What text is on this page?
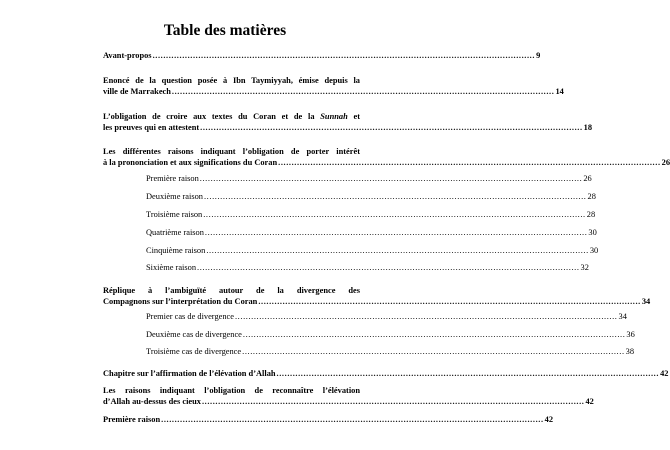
Table des matières
Avant-propos .............................................................................................................................................. 9
Enoncé de la question posée à Ibn Taymiyyah, émise depuis la
ville de Marrakech .............................................................................................................................................. 14
L’obligation de croire aux textes du Coran et de la Sunnah et
les preuves qui en attestent .............................................................................................................................................. 18
Les différentes raisons indiquant l’obligation de porter intérêt
à la prononciation et aux significations du Coran .............................................................................................................................................. 26
Première raison .............................................................................................................................................. 26
Deuxième raison .............................................................................................................................................. 28
Troisième raison .............................................................................................................................................. 28
Quatrième raison .............................................................................................................................................. 30
Cinquième raison .............................................................................................................................................. 30
Sixième raison .............................................................................................................................................. 32
Réplique à l’ambiguïté autour de la divergence des
Compagnons sur l’interprétation du Coran .............................................................................................................................................. 34
Premier cas de divergence .............................................................................................................................................. 34
Deuxième cas de divergence .............................................................................................................................................. 36
Troisième cas de divergence .............................................................................................................................................. 38
Chapitre sur l’affirmation de l’élévation d’Allah .............................................................................................................................................. 42
Les raisons indiquant l’obligation de reconnaître l’élévation
d’Allah au-dessus des cieux .............................................................................................................................................. 42
Première raison .............................................................................................................................................. 42
